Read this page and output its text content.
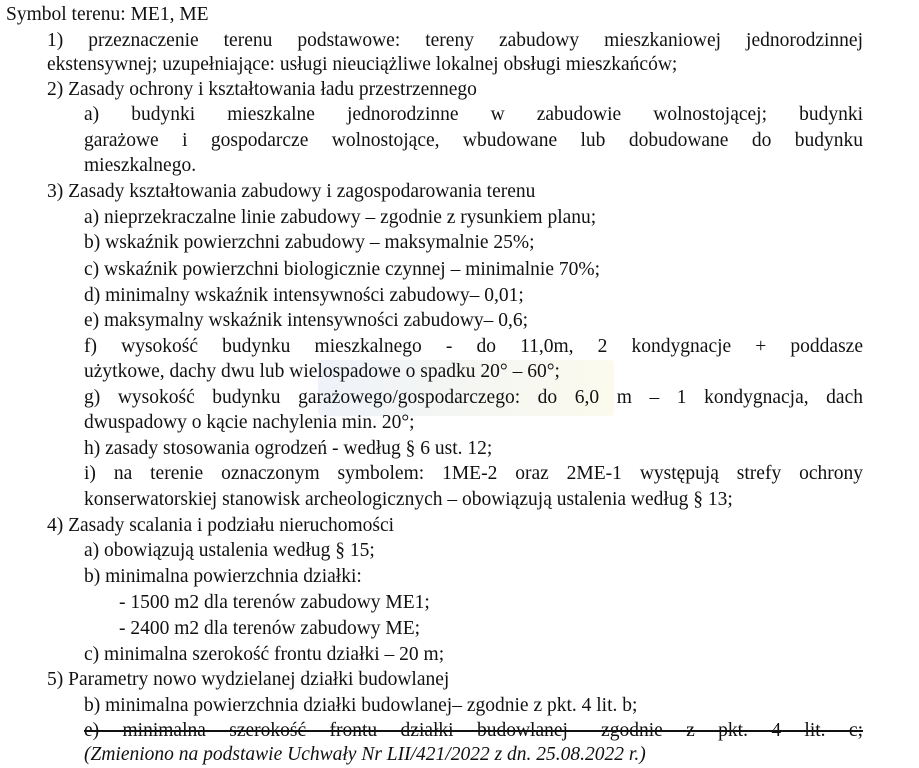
Symbol terenu: ME1, ME
1) przeznaczenie terenu podstawowe: tereny zabudowy mieszkaniowej jednorodzinnej
ekstensywnej; uzupełniające: usługi nieuciążliwe lokalnej obsługi mieszkańców;
2) Zasady ochrony i kształtowania ładu przestrzennego
a) budynki mieszkalne jednorodzinne w zabudowie wolnostojącej; budynki
garażowe i gospodarcze wolnostojące, wbudowane lub dobudowane do budynku
mieszkalnego.
3) Zasady kształtowania zabudowy i zagospodarowania terenu
a) nieprzekraczalne linie zabudowy – zgodnie z rysunkiem planu;
b) wskaźnik powierzchni zabudowy – maksymalnie 25%;
c) wskaźnik powierzchni biologicznie czynnej – minimalnie 70%;
d) minimalny wskaźnik intensywności zabudowy– 0,01;
e) maksymalny wskaźnik intensywności zabudowy– 0,6;
f) wysokość budynku mieszkalnego - do 11,0m, 2 kondygnacje + poddasze
użytkowe, dachy dwu lub wielospadowe o spadku 20° – 60°;
g) wysokość budynku garażowego/gospodarczego: do 6,0 m – 1 kondygnacja, dach
dwuspadowy o kącie nachylenia min. 20°;
h) zasady stosowania ogrodzeń - według § 6 ust. 12;
i) na terenie oznaczonym symbolem: 1ME-2 oraz 2ME-1 występują strefy ochrony
konserwatorskiej stanowisk archeologicznych – obowiązują ustalenia według § 13;
4) Zasady scalania i podziału nieruchomości
a) obowiązują ustalenia według § 15;
b) minimalna powierzchnia działki:
- 1500 m2 dla terenów zabudowy ME1;
- 2400 m2 dla terenów zabudowy ME;
c) minimalna szerokość frontu działki – 20 m;
5) Parametry nowo wydzielanej działki budowlanej
b) minimalna powierzchnia działki budowlanej– zgodnie z pkt. 4 lit. b;
e) minimalna szerokość frontu działki budowlanej– zgodnie z pkt. 4 lit. c;
(Zmieniono na podstawie Uchwały Nr LII/421/2022 z dn. 25.08.2022 r.)
